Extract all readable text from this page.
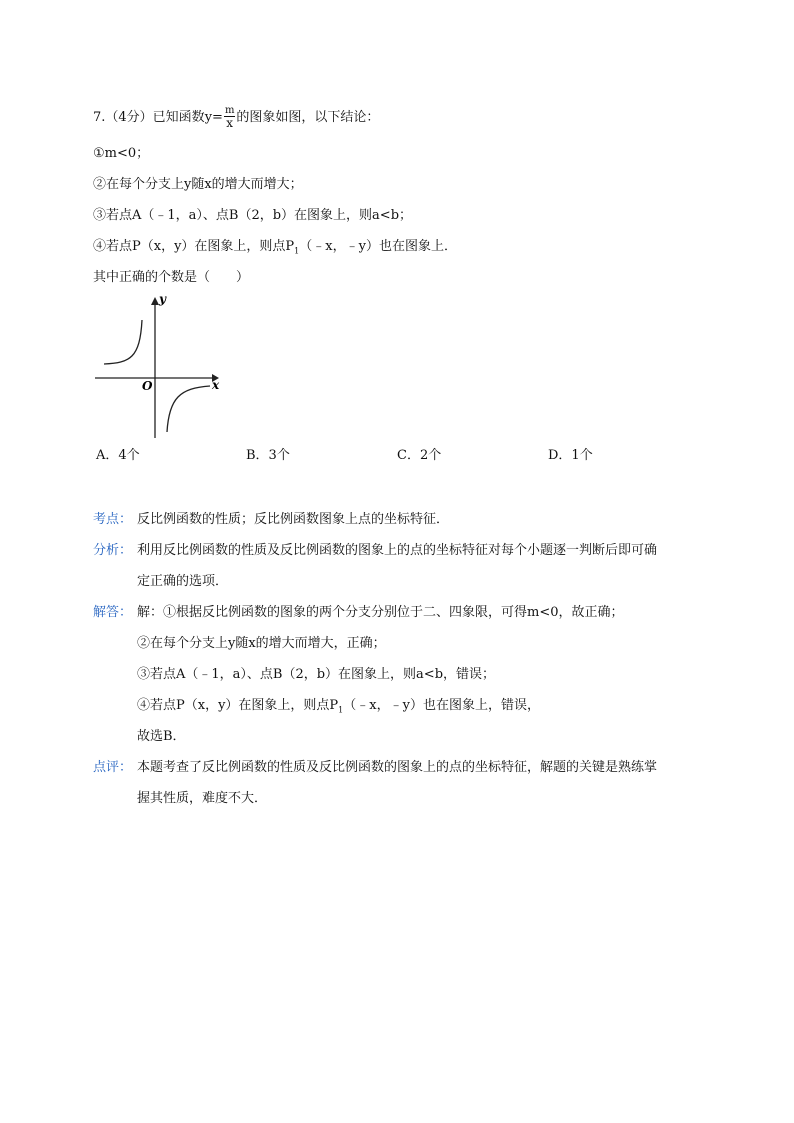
7.（4分）已知函数$y= \frac{m}{x}$ 的图象如图，以下结论：
①m<0；
②在每个分支上y随x的增大而增大；
③若点A（﹣1，a）、点B（2，b）在图象上，则a<b；
④若点P（x，y）在图象上，则点$P_1(﹣x$，﹣y）也在图象上．
其中正确的个数是（　　）
y
x
O
A．4个	B．3个	C．2个	D．1个
考点： 反比例函数的性质；反比例函数图象上点的坐标特征．
分析： 利用反比例函数的性质及反比例函数的图象上的点的坐标特征对每个小题逐一判断后即可确
定正确的选项．
解答： 解：①根据反比例函数的图象的两个分支分别位于二、四象限，可得m<0，故正确；
②在每个分支上y随x的增大而增大，正确；
③若点A（﹣1，a）、点B（2，b）在图象上，则a<b，错误；
④若点P（x，y）在图象上，则点$P_1(﹣x$，﹣y）也在图象上，错误，
故选B．
点评： 本题考查了反比例函数的性质及反比例函数的图象上的点的坐标特征，解题的关键是熟练掌
握其性质，难度不大．
